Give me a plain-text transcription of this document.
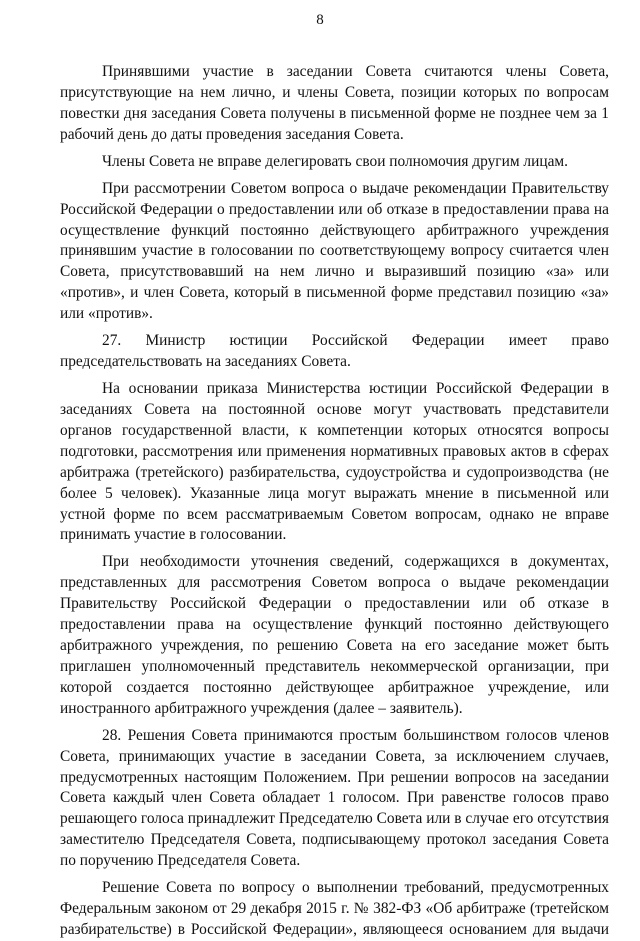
8

Принявшими участие в заседании Совета считаются члены Совета, присутствующие на нем лично, и члены Совета, позиции которых по вопросам повестки дня заседания Совета получены в письменной форме не позднее чем за 1 рабочий день до даты проведения заседания Совета.

Члены Совета не вправе делегировать свои полномочия другим лицам.

При рассмотрении Советом вопроса о выдаче рекомендации Правительству Российской Федерации о предоставлении или об отказе в предоставлении права на осуществление функций постоянно действующего арбитражного учреждения принявшим участие в голосовании по соответствующему вопросу считается член Совета, присутствовавший на нем лично и выразивший позицию «за» или «против», и член Совета, который в письменной форме представил позицию «за» или «против».

27. Министр юстиции Российской Федерации имеет право председательствовать на заседаниях Совета.

На основании приказа Министерства юстиции Российской Федерации в заседаниях Совета на постоянной основе могут участвовать представители органов государственной власти, к компетенции которых относятся вопросы подготовки, рассмотрения или применения нормативных правовых актов в сферах арбитража (третейского) разбирательства, судоустройства и судопроизводства (не более 5 человек). Указанные лица могут выражать мнение в письменной или устной форме по всем рассматриваемым Советом вопросам, однако не вправе принимать участие в голосовании.

При необходимости уточнения сведений, содержащихся в документах, представленных для рассмотрения Советом вопроса о выдаче рекомендации Правительству Российской Федерации о предоставлении или об отказе в предоставлении права на осуществление функций постоянно действующего арбитражного учреждения, по решению Совета на его заседание может быть приглашен уполномоченный представитель некоммерческой организации, при которой создается постоянно действующее арбитражное учреждение, или иностранного арбитражного учреждения (далее – заявитель).

28. Решения Совета принимаются простым большинством голосов членов Совета, принимающих участие в заседании Совета, за исключением случаев, предусмотренных настоящим Положением. При решении вопросов на заседании Совета каждый член Совета обладает 1 голосом. При равенстве голосов право решающего голоса принадлежит Председателю Совета или в случае его отсутствия заместителю Председателя Совета, подписывающему протокол заседания Совета по поручению Председателя Совета.

Решение Совета по вопросу о выполнении требований, предусмотренных Федеральным законом от 29 декабря 2015 г. № 382-ФЗ «Об арбитраже (третейском разбирательстве) в Российской Федерации», являющееся основанием для выдачи
